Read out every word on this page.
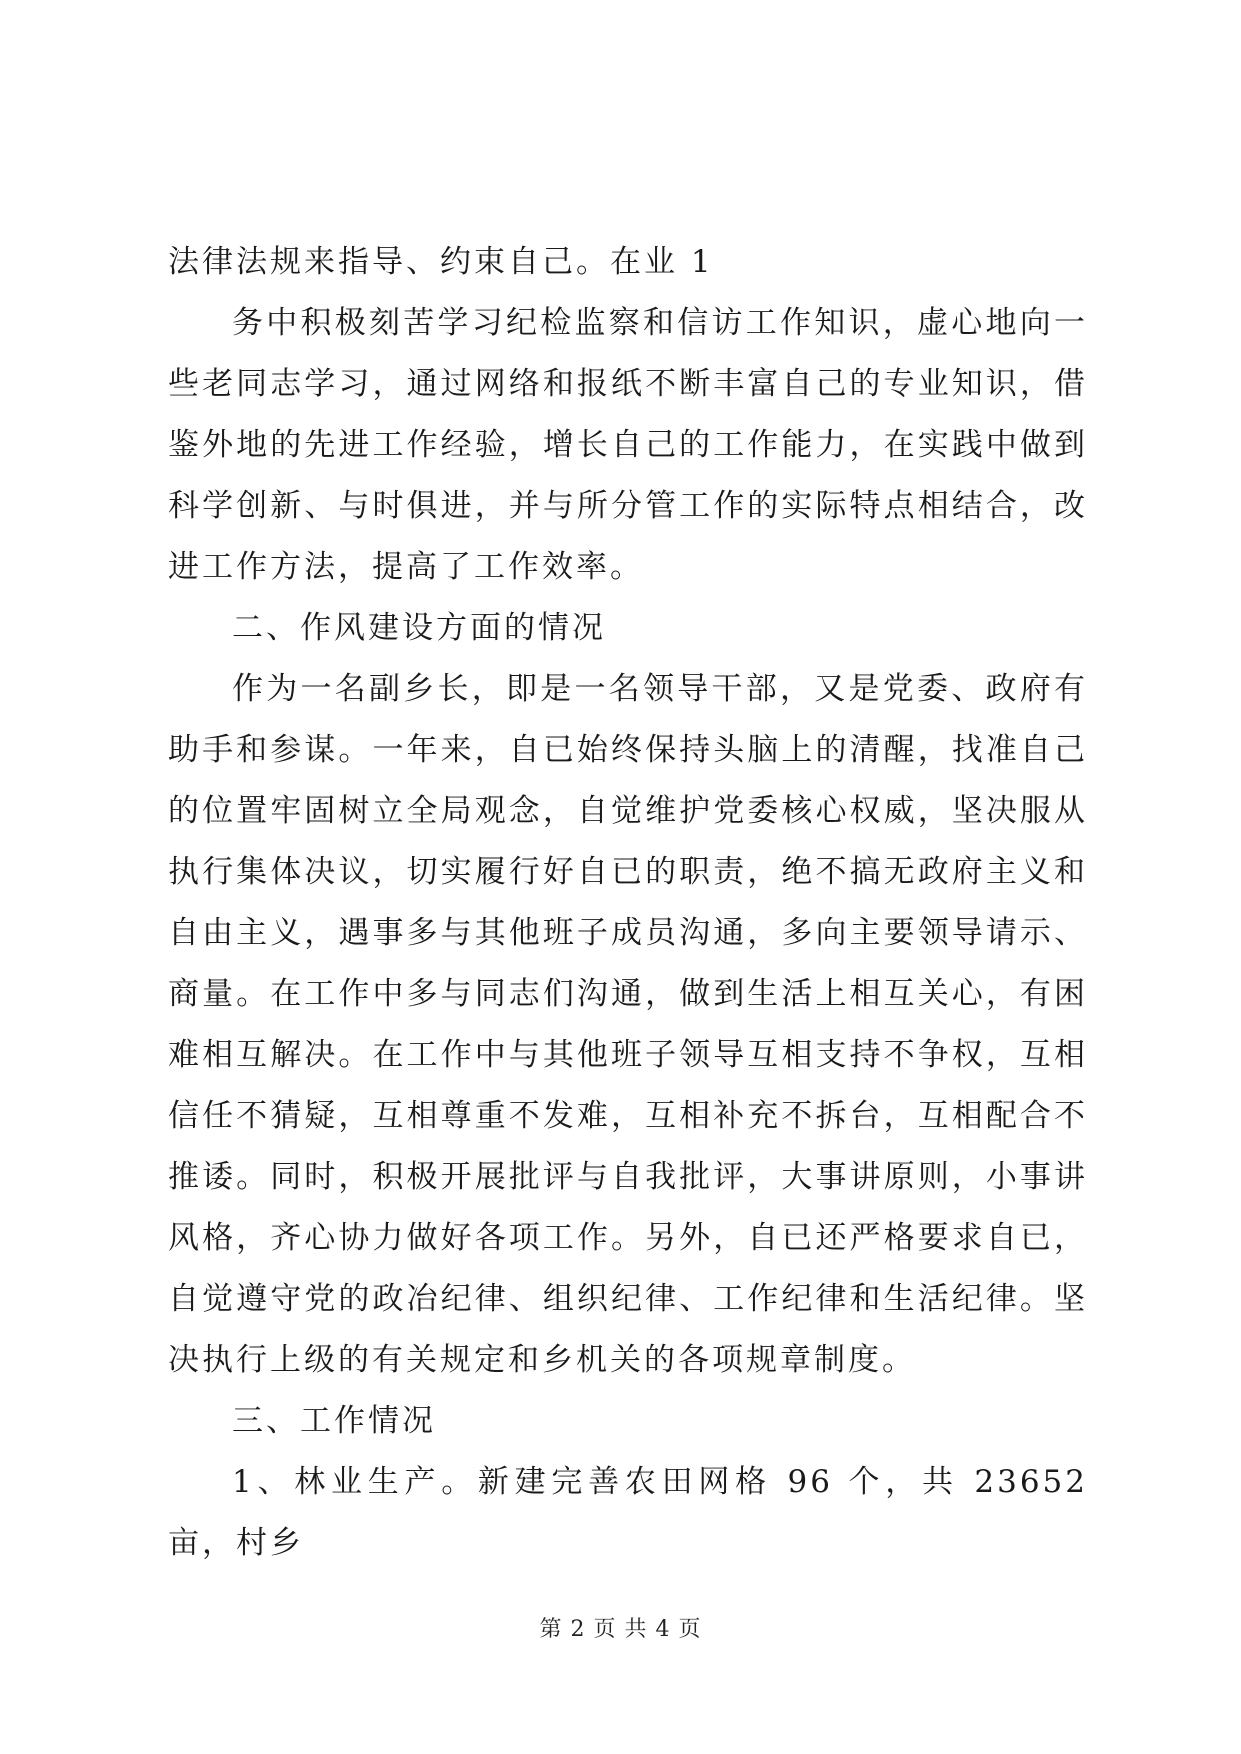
法律法规来指导、约束自己。在业 1

务中积极刻苦学习纪检监察和信访工作知识，虚心地向一些老同志学习，通过网络和报纸不断丰富自己的专业知识，借鉴外地的先进工作经验，增长自己的工作能力，在实践中做到科学创新、与时俱进，并与所分管工作的实际特点相结合，改进工作方法，提高了工作效率。

二、作风建设方面的情况

作为一名副乡长，即是一名领导干部，又是党委、政府有助手和参谋。一年来，自已始终保持头脑上的清醒，找准自己的位置牢固树立全局观念，自觉维护党委核心权威，坚决服从执行集体决议，切实履行好自已的职责，绝不搞无政府主义和自由主义，遇事多与其他班子成员沟通，多向主要领导请示、商量。在工作中多与同志们沟通，做到生活上相互关心，有困难相互解决。在工作中与其他班子领导互相支持不争权，互相信任不猜疑，互相尊重不发难，互相补充不拆台，互相配合不推诿。同时，积极开展批评与自我批评，大事讲原则，小事讲风格，齐心协力做好各项工作。另外，自已还严格要求自已，自觉遵守党的政冶纪律、组织纪律、工作纪律和生活纪律。坚决执行上级的有关规定和乡机关的各项规章制度。

三、工作情况

1、林业生产。新建完善农田网格 96 个，共 23652 亩，村乡

第 2 页 共 4 页
